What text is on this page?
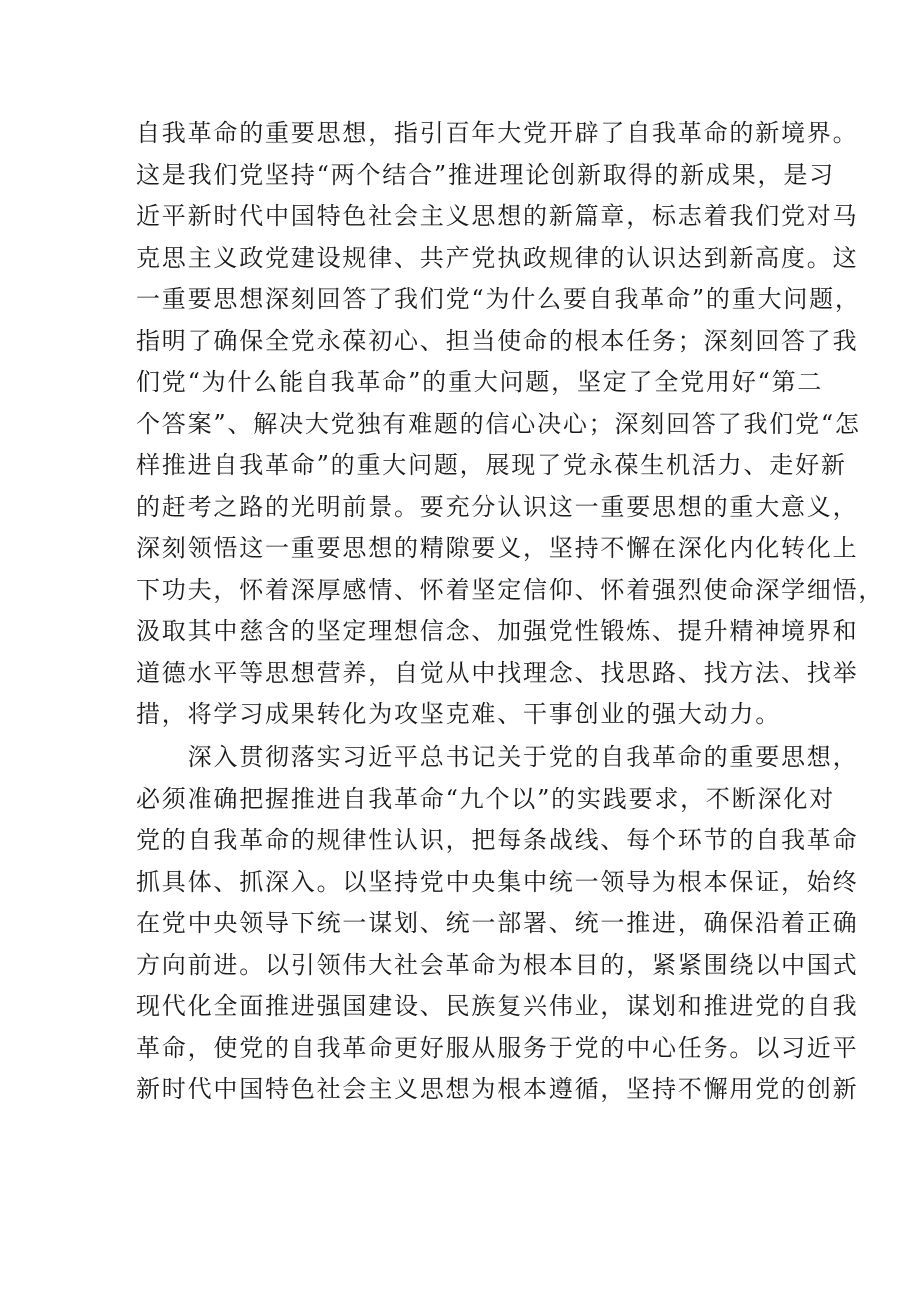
自我革命的重要思想，指引百年大党开辟了自我革命的新境界。
这是我们党坚持“两个结合”推进理论创新取得的新成果，是习
近平新时代中国特色社会主义思想的新篇章，标志着我们党对马
克思主义政党建设规律、共产党执政规律的认识达到新高度。这
一重要思想深刻回答了我们党“为什么要自我革命”的重大问题，
指明了确保全党永葆初心、担当使命的根本任务；深刻回答了我
们党“为什么能自我革命”的重大问题，坚定了全党用好“第二
个答案”、解决大党独有难题的信心决心；深刻回答了我们党“怎
样推进自我革命”的重大问题，展现了党永葆生机活力、走好新
的赶考之路的光明前景。要充分认识这一重要思想的重大意义，
深刻领悟这一重要思想的精隙要义，坚持不懈在深化内化转化上
下功夫，怀着深厚感情、怀着坚定信仰、怀着强烈使命深学细悟，
汲取其中慈含的坚定理想信念、加强党性锻炼、提升精神境界和
道德水平等思想营养，自觉从中找理念、找思路、找方法、找举
措，将学习成果转化为攻坚克难、干事创业的强大动力。
　　深入贯彻落实习近平总书记关于党的自我革命的重要思想，
必须准确把握推进自我革命“九个以”的实践要求，不断深化对
党的自我革命的规律性认识，把每条战线、每个环节的自我革命
抓具体、抓深入。以坚持党中央集中统一领导为根本保证，始终
在党中央领导下统一谋划、统一部署、统一推进，确保沿着正确
方向前进。以引领伟大社会革命为根本目的，紧紧围绕以中国式
现代化全面推进强国建设、民族复兴伟业，谋划和推进党的自我
革命，使党的自我革命更好服从服务于党的中心任务。以习近平
新时代中国特色社会主义思想为根本遵循，坚持不懈用党的创新
